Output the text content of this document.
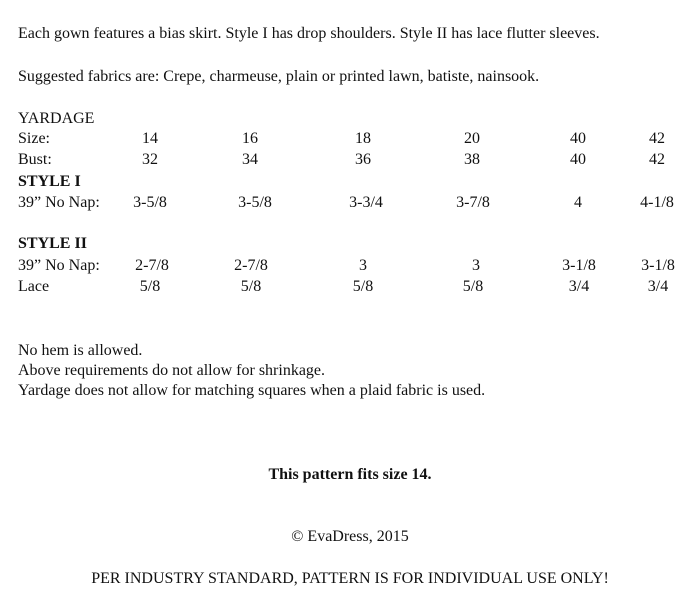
Each gown features a bias skirt. Style I has drop shoulders. Style II has lace flutter sleeves.
Suggested fabrics are: Crepe, charmeuse, plain or printed lawn, batiste, nainsook.
YARDAGE
Size:	14	16	18	20	40	42
Bust:	32	34	36	38	40	42
STYLE I
39” No Nap:	3-5/8	3-5/8	3-3/4	3-7/8	4	4-1/8
STYLE II
39” No Nap:	2-7/8	2-7/8	3	3	3-1/8	3-1/8
Lace	5/8	5/8	5/8	5/8	3/4	3/4
No hem is allowed.
Above requirements do not allow for shrinkage.
Yardage does not allow for matching squares when a plaid fabric is used.
This pattern fits size 14.
© EvaDress, 2015
PER INDUSTRY STANDARD, PATTERN IS FOR INDIVIDUAL USE ONLY!
